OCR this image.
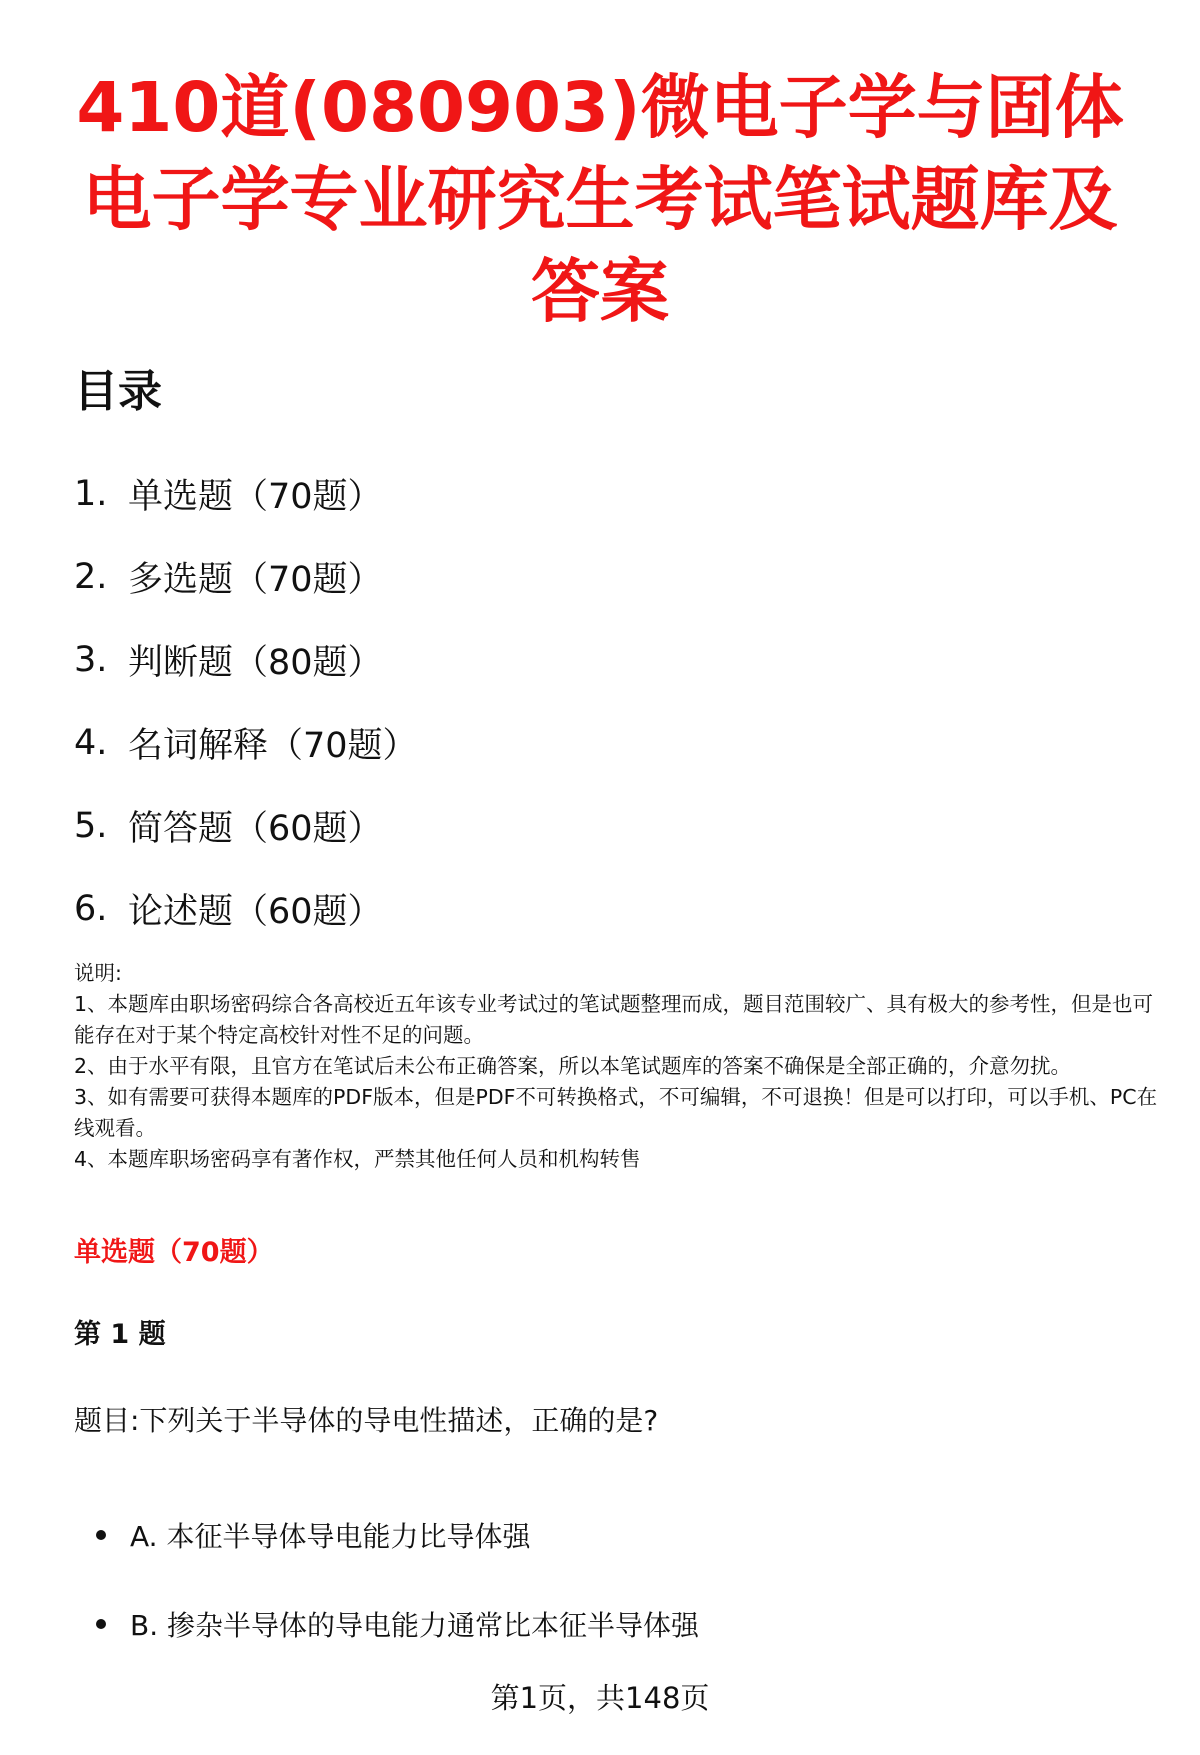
410道(080903)微电子学与固体电子学专业研究生考试笔试题库及答案
目录
1. 单选题（70题）
2. 多选题（70题）
3. 判断题（80题）
4. 名词解释（70题）
5. 简答题（60题）
6. 论述题（60题）

说明:

1、本题库由职场密码综合各高校近五年该专业考试过的笔试题整理而成，题目范围较广、具有极大的参考性，但是也可能存在对于某个特定高校针对性不足的问题。

2、由于水平有限，且官方在笔试后未公布正确答案，所以本笔试题库的答案不确保是全部正确的，介意勿扰。

3、如有需要可获得本题库的PDF版本，但是PDF不可转换格式，不可编辑，不可退换！但是可以打印，可以手机、PC在线观看。

4、本题库职场密码享有著作权，严禁其他任何人员和机构转售

单选题（70题）
第 1 题
题目:下列关于半导体的导电性描述，正确的是?
A. 本征半导体导电能力比导体强
B. 掺杂半导体的导电能力通常比本征半导体强
第1页，共148页
